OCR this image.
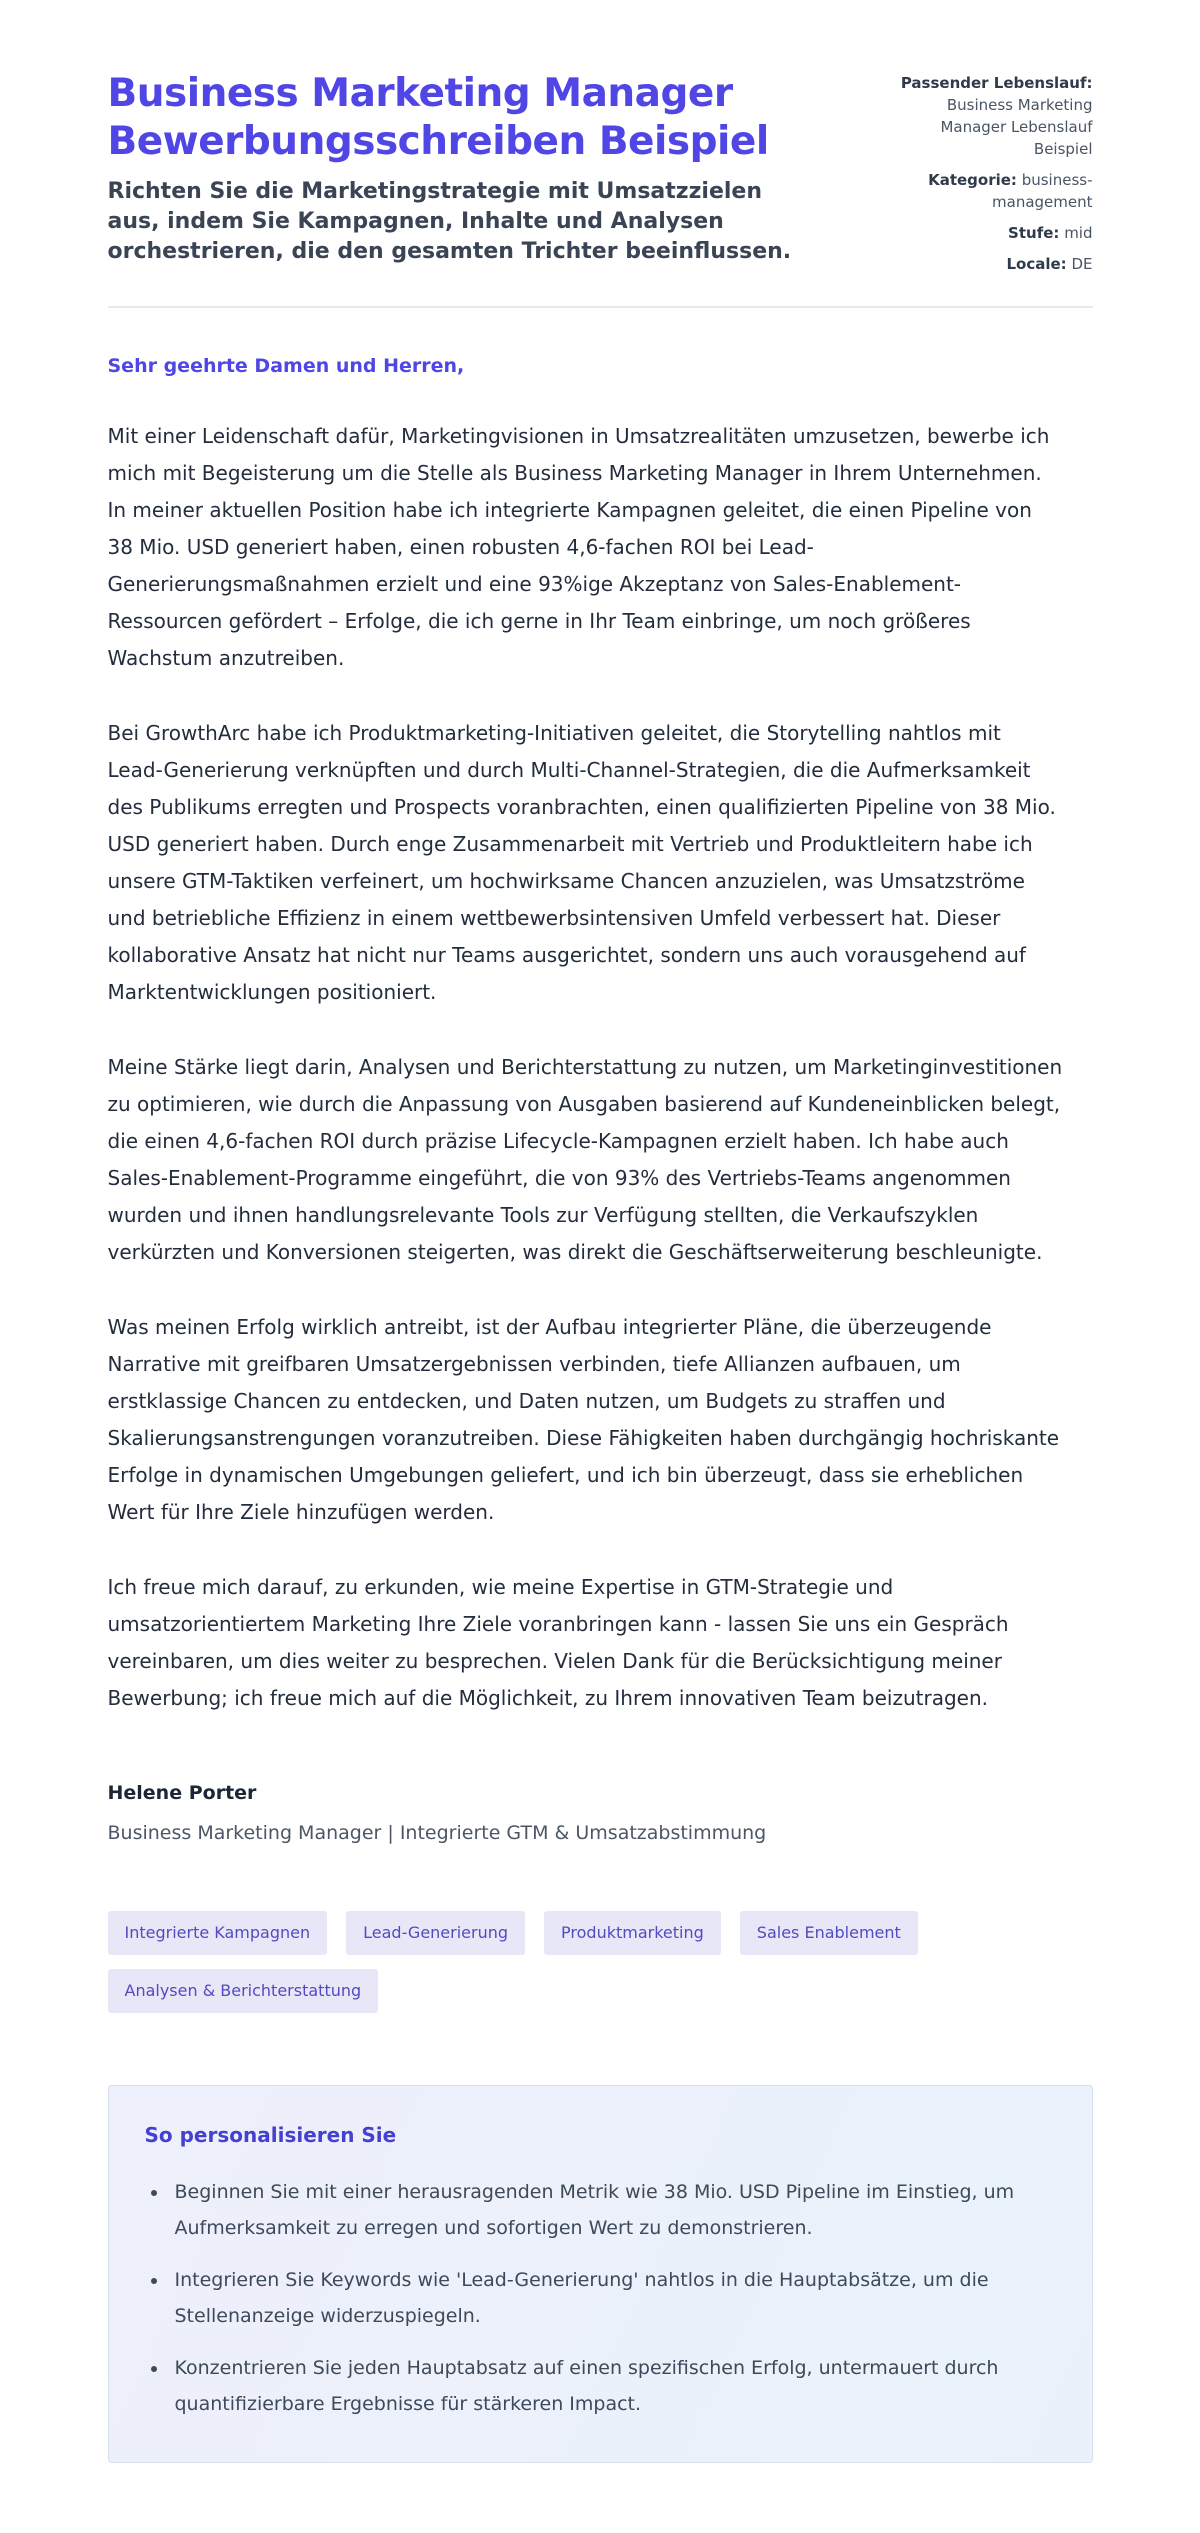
Business Marketing Manager
Bewerbungsschreiben Beispiel

Richten Sie die Marketingstrategie mit Umsatzzielen aus, indem Sie Kampagnen, Inhalte und Analysen orchestrieren, die den gesamten Trichter beeinflussen.

Passender Lebenslauf: Business Marketing Manager Lebenslauf Beispiel
Kategorie: business-management
Stufe: mid
Locale: DE

Sehr geehrte Damen und Herren,

Mit einer Leidenschaft dafür, Marketingvisionen in Umsatzrealitäten umzusetzen, bewerbe ich mich mit Begeisterung um die Stelle als Business Marketing Manager in Ihrem Unternehmen. In meiner aktuellen Position habe ich integrierte Kampagnen geleitet, die einen Pipeline von 38 Mio. USD generiert haben, einen robusten 4,6-fachen ROI bei Lead-Generierungsmaßnahmen erzielt und eine 93%ige Akzeptanz von Sales-Enablement-Ressourcen gefördert – Erfolge, die ich gerne in Ihr Team einbringe, um noch größeres Wachstum anzutreiben.

Bei GrowthArc habe ich Produktmarketing-Initiativen geleitet, die Storytelling nahtlos mit Lead-Generierung verknüpften und durch Multi-Channel-Strategien, die die Aufmerksamkeit des Publikums erregten und Prospects voranbrachten, einen qualifizierten Pipeline von 38 Mio. USD generiert haben. Durch enge Zusammenarbeit mit Vertrieb und Produktleitern habe ich unsere GTM-Taktiken verfeinert, um hochwirksame Chancen anzuzielen, was Umsatzströme und betriebliche Effizienz in einem wettbewerbsintensiven Umfeld verbessert hat. Dieser kollaborative Ansatz hat nicht nur Teams ausgerichtet, sondern uns auch vorausgehend auf Marktentwicklungen positioniert.

Meine Stärke liegt darin, Analysen und Berichterstattung zu nutzen, um Marketinginvestitionen zu optimieren, wie durch die Anpassung von Ausgaben basierend auf Kundeneinblicken belegt, die einen 4,6-fachen ROI durch präzise Lifecycle-Kampagnen erzielt haben. Ich habe auch Sales-Enablement-Programme eingeführt, die von 93% des Vertriebs-Teams angenommen wurden und ihnen handlungsrelevante Tools zur Verfügung stellten, die Verkaufszyklen verkürzten und Konversionen steigerten, was direkt die Geschäftserweiterung beschleunigte.

Was meinen Erfolg wirklich antreibt, ist der Aufbau integrierter Pläne, die überzeugende Narrative mit greifbaren Umsatzergebnissen verbinden, tiefe Allianzen aufbauen, um erstklassige Chancen zu entdecken, und Daten nutzen, um Budgets zu straffen und Skalierungsanstrengungen voranzutreiben. Diese Fähigkeiten haben durchgängig hochriskante Erfolge in dynamischen Umgebungen geliefert, und ich bin überzeugt, dass sie erheblichen Wert für Ihre Ziele hinzufügen werden.

Ich freue mich darauf, zu erkunden, wie meine Expertise in GTM-Strategie und umsatzorientiertem Marketing Ihre Ziele voranbringen kann - lassen Sie uns ein Gespräch vereinbaren, um dies weiter zu besprechen. Vielen Dank für die Berücksichtigung meiner Bewerbung; ich freue mich auf die Möglichkeit, zu Ihrem innovativen Team beizutragen.

Helene Porter

Business Marketing Manager | Integrierte GTM & Umsatzabstimmung

Integrierte Kampagnen	Lead-Generierung	Produktmarketing	Sales Enablement
Analysen & Berichterstattung
So personalisieren Sie
• Beginnen Sie mit einer herausragenden Metrik wie 38 Mio. USD Pipeline im Einstieg, um Aufmerksamkeit zu erregen und sofortigen Wert zu demonstrieren.
• Integrieren Sie Keywords wie 'Lead-Generierung' nahtlos in die Hauptabsätze, um die Stellenanzeige widerzuspiegeln.
• Konzentrieren Sie jeden Hauptabsatz auf einen spezifischen Erfolg, untermauert durch quantifizierbare Ergebnisse für stärkeren Impact.
